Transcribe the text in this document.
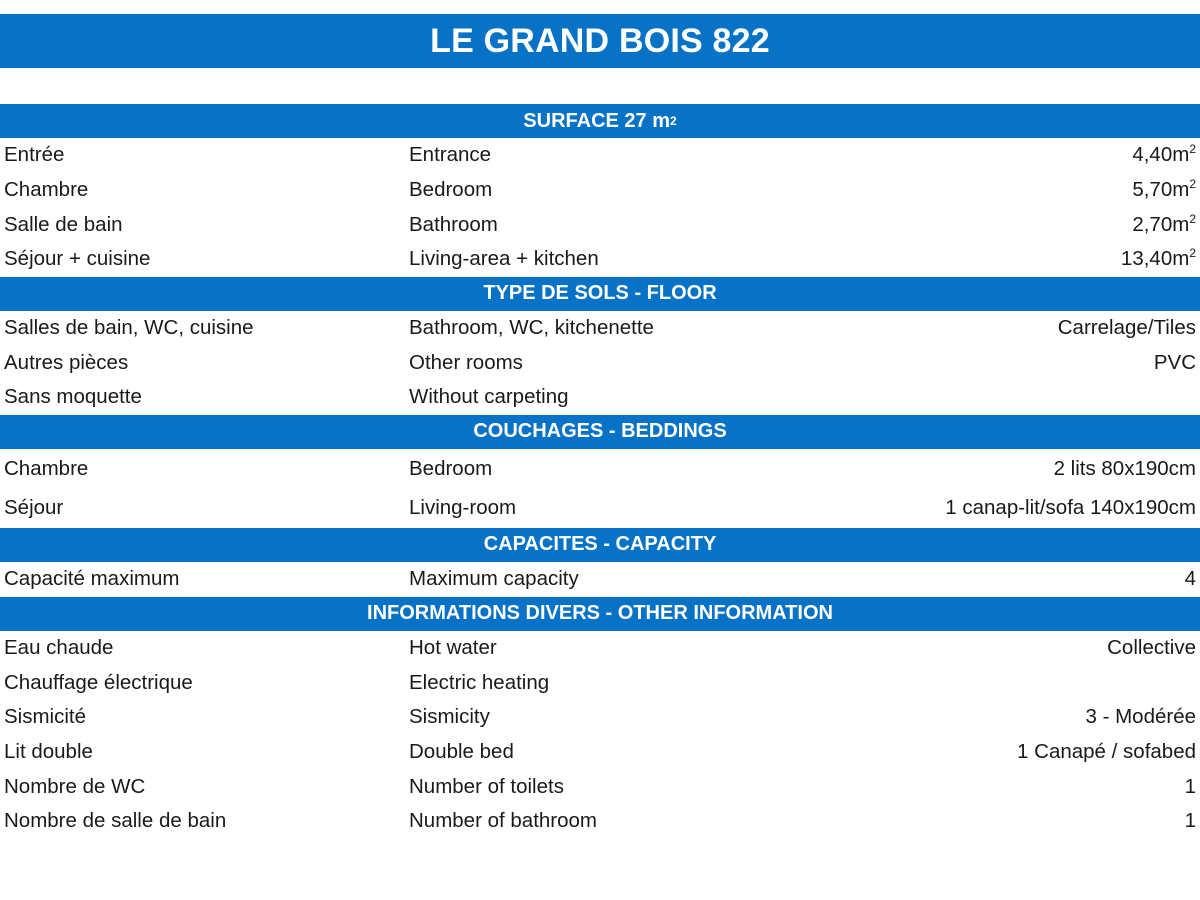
LE GRAND BOIS 822
SURFACE 27 m 2
Entrée	Entrance	$4,40m^2$
Chambre	Bedroom	$5,70m^2$
Salle de bain	Bathroom	$2,70m^2$
Séjour + cuisine	Living-area + kitchen	$13,40m^2$
TYPE DE SOLS - FLOOR
Salles de bain, WC, cuisine	Bathroom, WC, kitchenette	Carrelage/Tiles
Autres pièces	Other rooms	PVC
Sans moquette	Without carpeting
COUCHAGES - BEDDINGS
Chambre	Bedroom	2 lits 80x190cm
Séjour	Living-room	1 canap-lit/sofa 140x190cm
CAPACITES - CAPACITY
Capacité maximum	Maximum capacity	4
INFORMATIONS DIVERS - OTHER INFORMATION
Eau chaude	Hot water	Collective
Chauffage électrique	Electric heating
Sismicité	Sismicity	3 - Modérée
Lit double	Double bed	1 Canapé / sofabed
Nombre de WC	Number of toilets	1
Nombre de salle de bain	Number of bathroom	1
